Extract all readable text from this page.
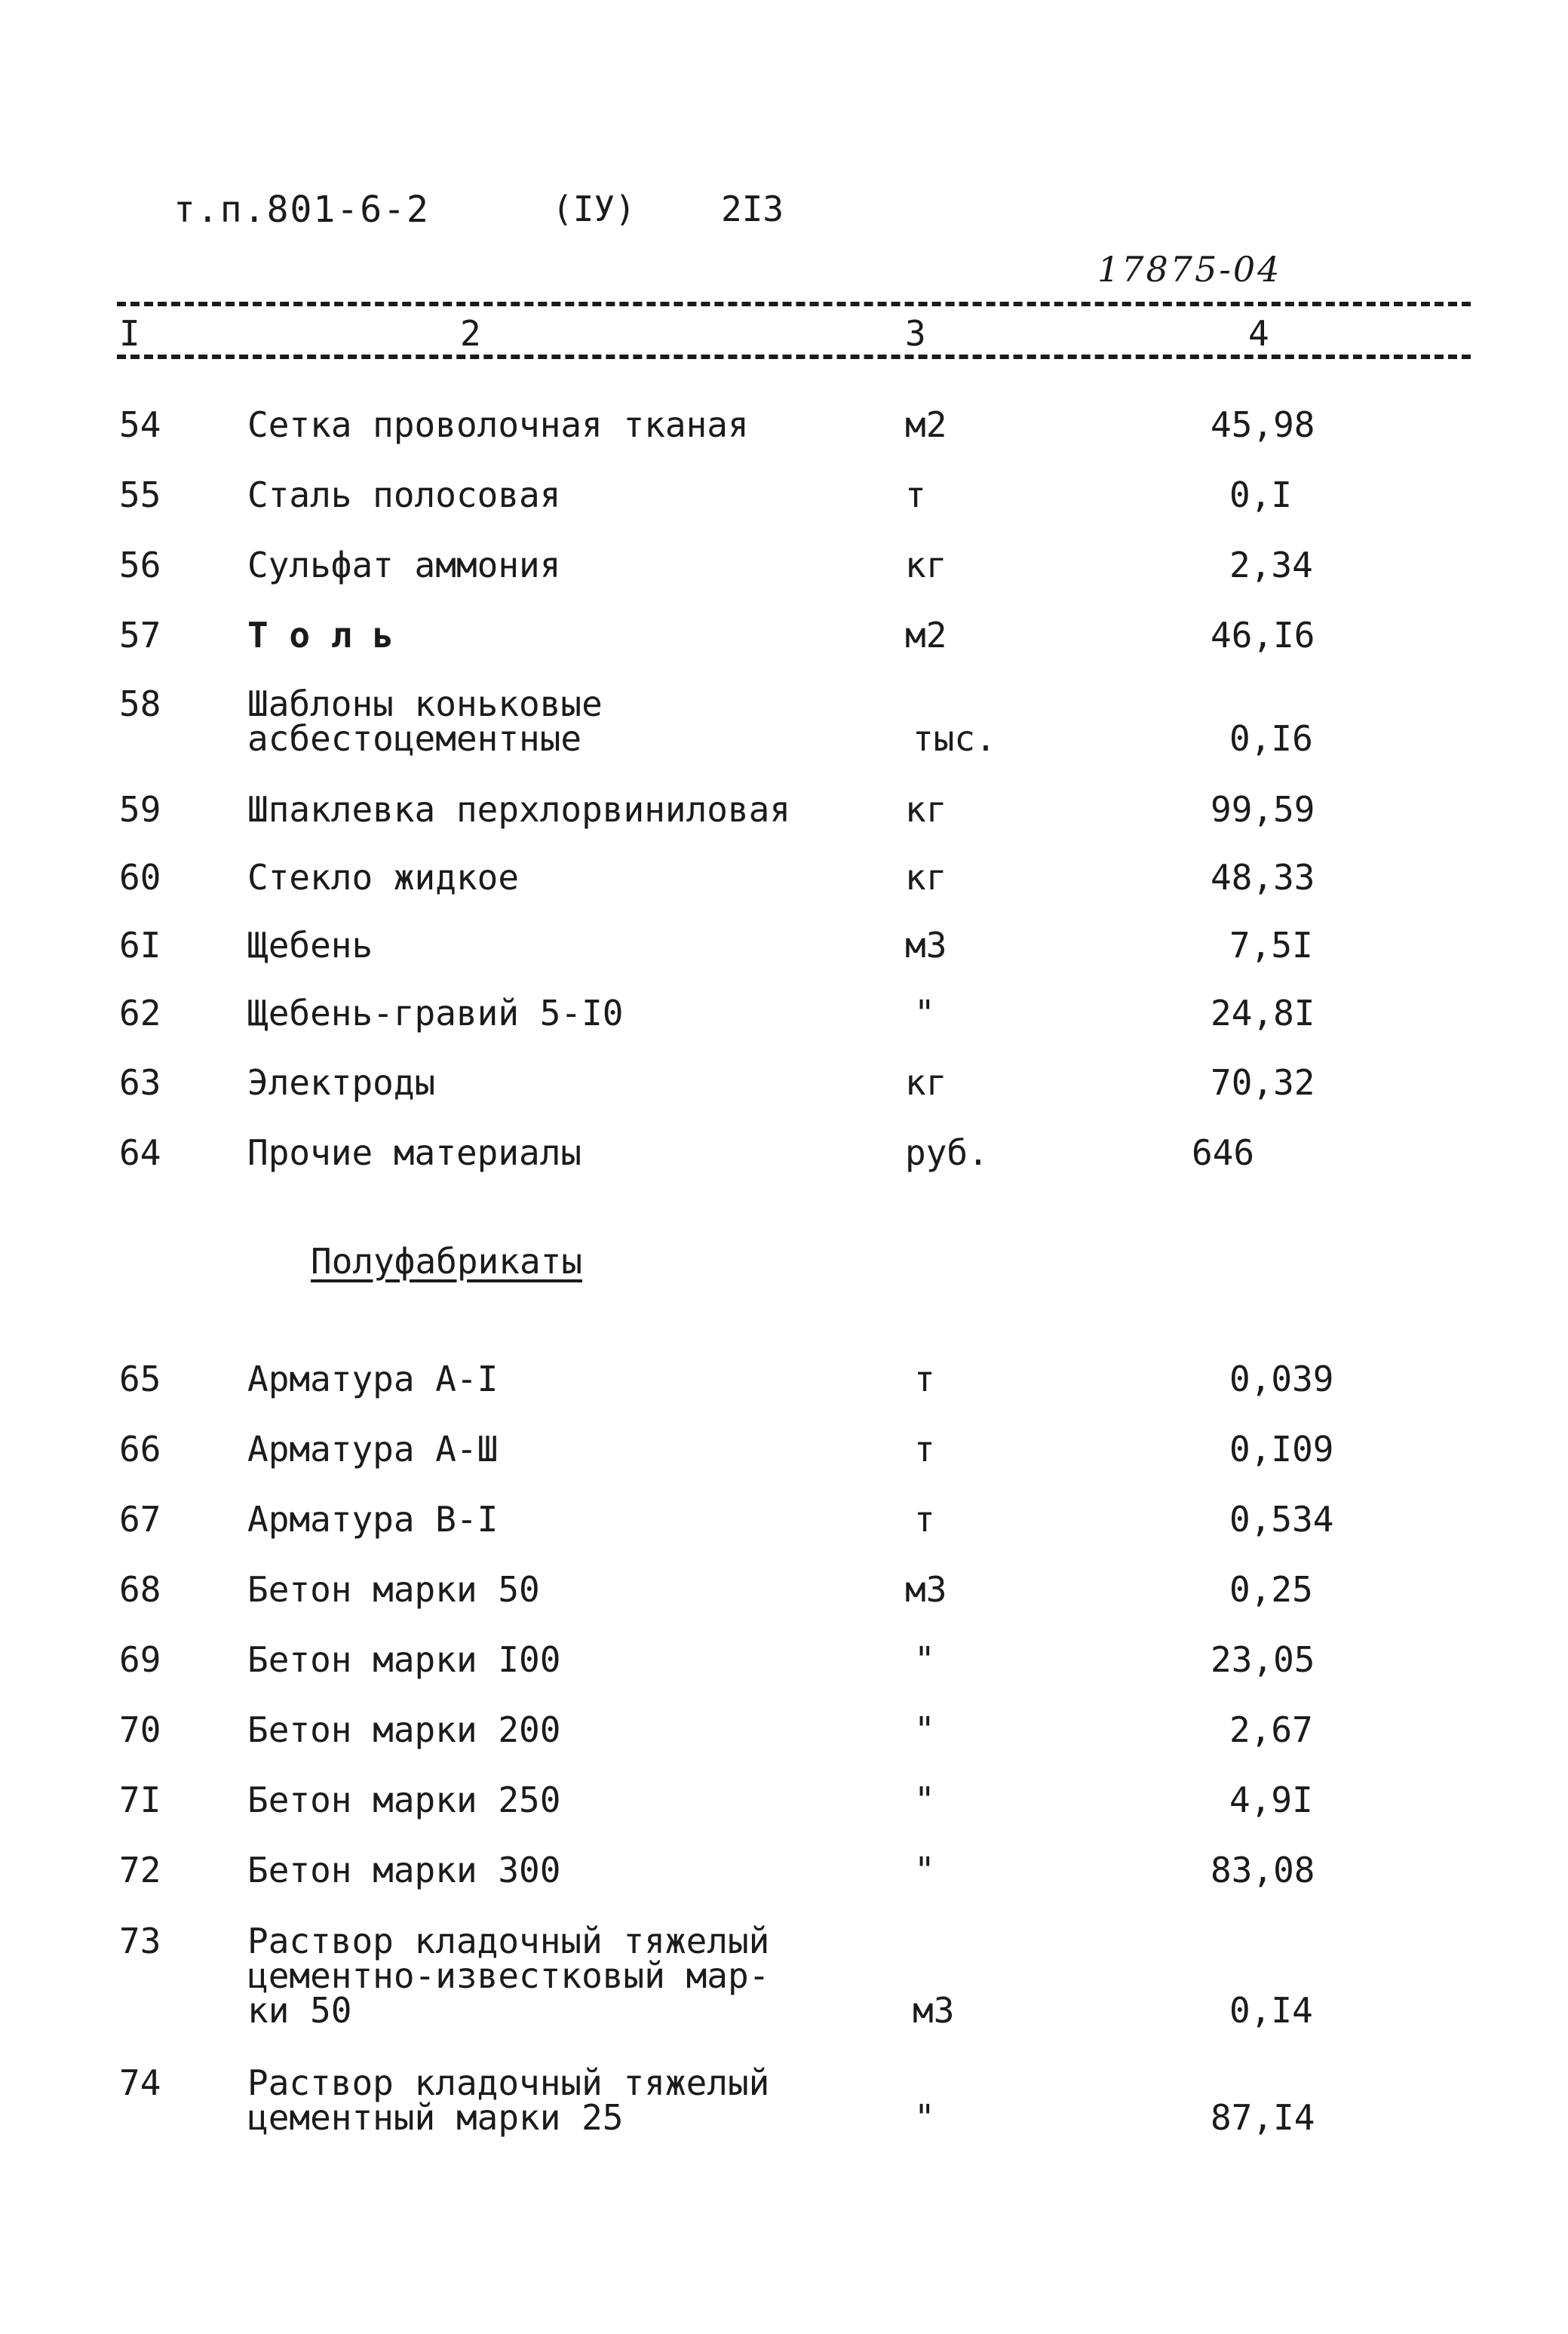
т.п.801-6-2	(IУ) 2I3
17875-04
I	2	3	4
54 Сетка проволочная тканая	м2	45,98
55 Сталь полосовая	т	0,I
56 Сульфат аммония	кг	2,34
57 Т о л ь	м2	46,I6
58 Шаблоны коньковые
асбестоцементные	тыс.	0,I6
59 Шпаклевка перхлорвиниловая	кг	99,59
60 Стекло жидкое	кг	48,33
6I Щебень	м3	7,5I
62 Щебень-гравий 5-I0	"	24,8I
63 Электроды	кг	70,32
64 Прочие материалы	руб.	646
Полуфабрикаты
65 Арматура А-I	т	0,039
66 Арматура А-Ш	т	0,I09
67 Арматура В-I	т	0,534
68 Бетон марки 50	м3	0,25
69 Бетон марки I00	"	23,05
70 Бетон марки 200	"	2,67
7I Бетон марки 250	"	4,9I
72 Бетон марки 300	"	83,08
73 Раствор кладочный тяжелый
цементно-известковый мар-
ки 50	м3	0,I4
74 Раствор кладочный тяжелый
цементный марки 25	"	87,I4
